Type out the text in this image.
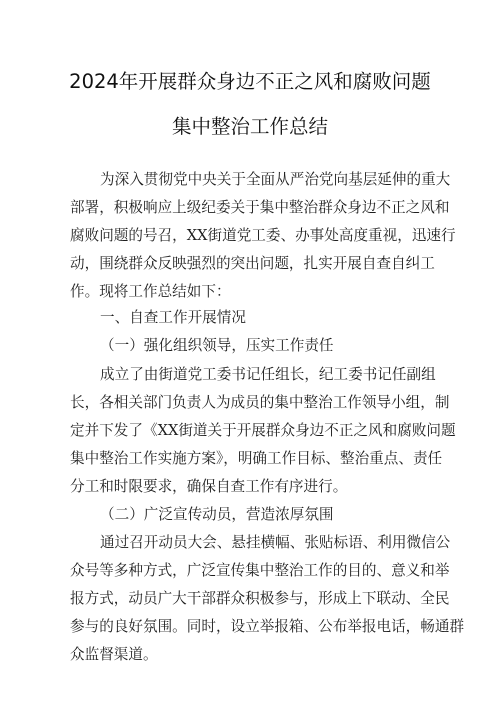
2024年开展群众身边不正之风和腐败问题
集中整治工作总结
为深入贯彻党中央关于全面从严治党向基层延伸的重大
部署，积极响应上级纪委关于集中整治群众身边不正之风和
腐败问题的号召，XX街道党工委、办事处高度重视，迅速行
动，围绕群众反映强烈的突出问题，扎实开展自查自纠工
作。现将工作总结如下：
一、自查工作开展情况
（一）强化组织领导，压实工作责任
成立了由街道党工委书记任组长，纪工委书记任副组
长，各相关部门负责人为成员的集中整治工作领导小组，制
定并下发了《XX街道关于开展群众身边不正之风和腐败问题
集中整治工作实施方案》，明确工作目标、整治重点、责任
分工和时限要求，确保自查工作有序进行。
（二）广泛宣传动员，营造浓厚氛围
通过召开动员大会、悬挂横幅、张贴标语、利用微信公
众号等多种方式，广泛宣传集中整治工作的目的、意义和举
报方式，动员广大干部群众积极参与，形成上下联动、全民
参与的良好氛围。同时，设立举报箱、公布举报电话，畅通群
众监督渠道。
